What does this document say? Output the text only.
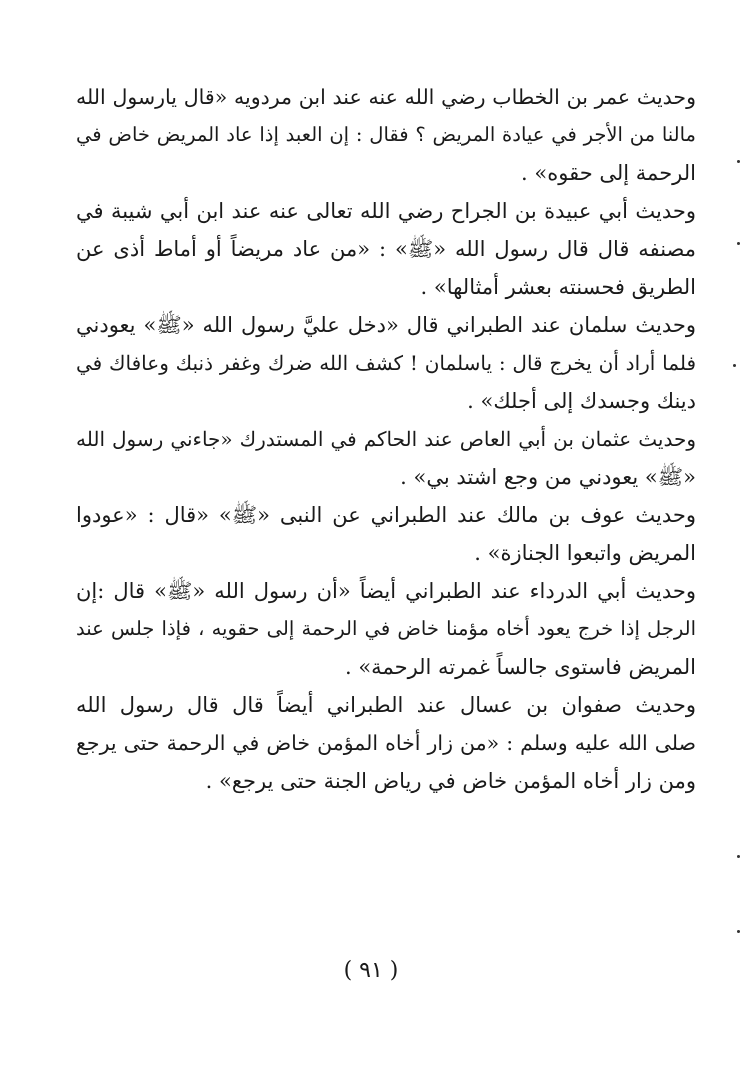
وحديث عمر بن الخطاب رضي الله عنه عند ابن مردويه «قال يارسول الله
مالنا من الأجر في عيادة المريض ؟ فقال : إن العبد إذا عاد المريض خاض في
الرحمة إلى حقوه» .
وحديث أبي عبيدة بن الجراح رضي الله تعالى عنه عند ابن أبي شيبة في
مصنفه قال قال رسول الله «ﷺ» : «من عاد مريضاً أو أماط أذى عن
الطريق فحسنته بعشر أمثالها» .
وحديث سلمان عند الطبراني قال «دخل عليَّ رسول الله «ﷺ» يعودني
فلما أراد أن يخرج قال : ياسلمان ! كشف الله ضرك وغفر ذنبك وعافاك في
دينك وجسدك إلى أجلك» .
وحديث عثمان بن أبي العاص عند الحاكم في المستدرك «جاءني رسول الله
«ﷺ» يعودني من وجع اشتد بي» .
وحديث عوف بن مالك عند الطبراني عن النبى «ﷺ» «قال : «عودوا
المريض واتبعوا الجنازة» .
وحديث أبي الدرداء عند الطبراني أيضاً «أن رسول الله «ﷺ» قال :إن
الرجل إذا خرج يعود أخاه مؤمنا خاض في الرحمة إلى حقويه ، فإذا جلس عند
المريض فاستوى جالساً غمرته الرحمة» .
وحديث صفوان بن عسال عند الطبراني أيضاً قال قال رسول الله
صلى الله عليه وسلم : «من زار أخاه المؤمن خاض في الرحمة حتى يرجع
ومن زار أخاه المؤمن خاض في رياض الجنة حتى يرجع» .
( ٩١ )
